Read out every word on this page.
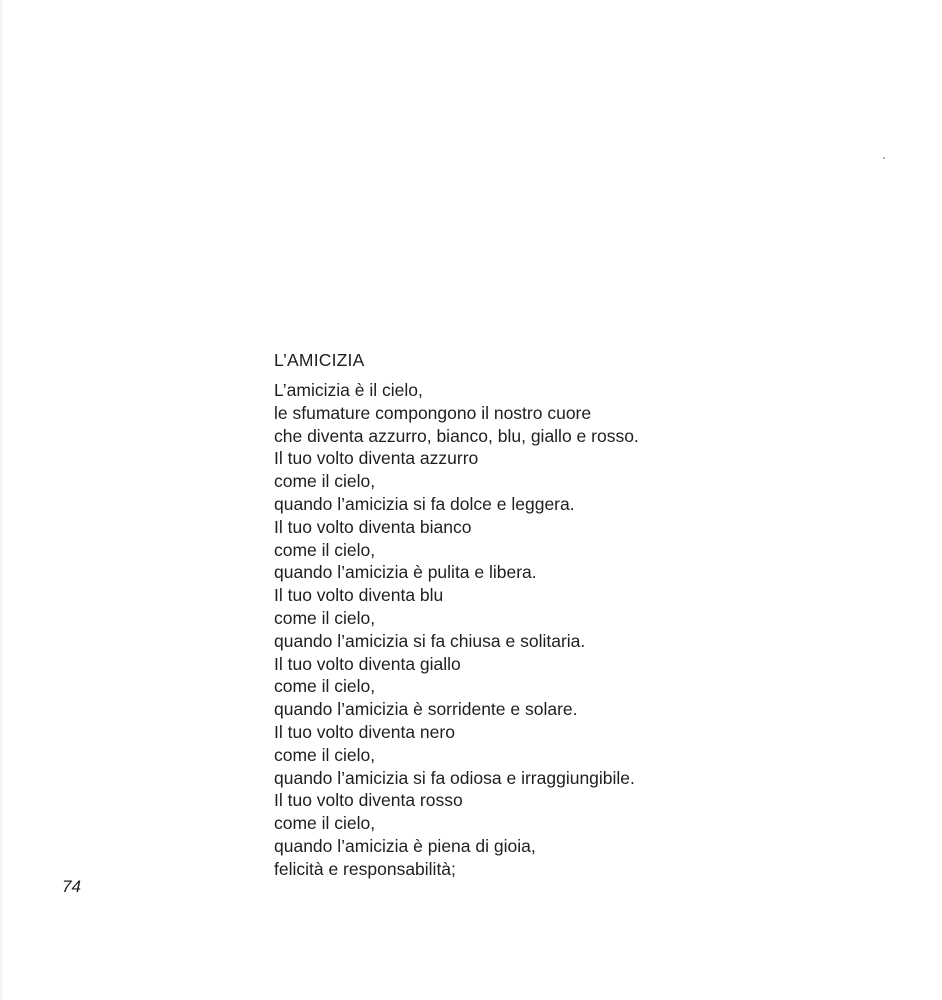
L’AMICIZIA
L’amicizia è il cielo,
le sfumature compongono il nostro cuore
che diventa azzurro, bianco, blu, giallo e rosso.
Il tuo volto diventa azzurro
come il cielo,
quando l’amicizia si fa dolce e leggera.
Il tuo volto diventa bianco
come il cielo,
quando l’amicizia è pulita e libera.
Il tuo volto diventa blu
come il cielo,
quando l’amicizia si fa chiusa e solitaria.
Il tuo volto diventa giallo
come il cielo,
quando l’amicizia è sorridente e solare.
Il tuo volto diventa nero
come il cielo,
quando l’amicizia si fa odiosa e irraggiungibile.
Il tuo volto diventa rosso
come il cielo,
quando l’amicizia è piena di gioia,
felicità e responsabilità;
74
